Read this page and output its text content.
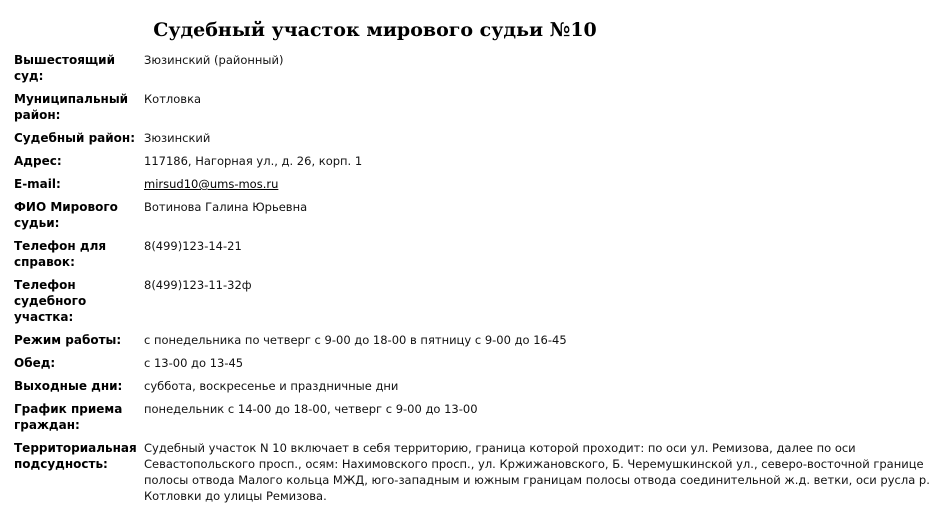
Судебный участок мирового судьи №10
Вышестоящий суд:	Зюзинский (районный)
Муниципальный район:	Котловка
Судебный район:	Зюзинский
Адрес:	117186, Нагорная ул., д. 26, корп. 1
E-mail:	mirsud10@ums-mos.ru
ФИО Мирового судьи:	Вотинова Галина Юрьевна
Телефон для справок:	8(499)123-14-21
Телефон судебного участка:	8(499)123-11-32ф
Режим работы:	с понедельника по четверг с 9-00 до 18-00 в пятницу с 9-00 до 16-45
Обед:	с 13-00 до 13-45
Выходные дни:	суббота, воскресенье и праздничные дни
График приема граждан:	понедельник с 14-00 до 18-00, четверг с 9-00 до 13-00
Территориальная подсудность:	Судебный участок N 10 включает в себя территорию, граница которой проходит: по оси ул. Ремизова, далее по оси Севастопольского просп., осям: Нахимовского просп., ул. Кржижановского, Б. Черемушкинской ул., северо-восточной границе полосы отвода Малого кольца МЖД, юго-западным и южным границам полосы отвода соединительной ж.д. ветки, оси русла р. Котловки до улицы Ремизова.
